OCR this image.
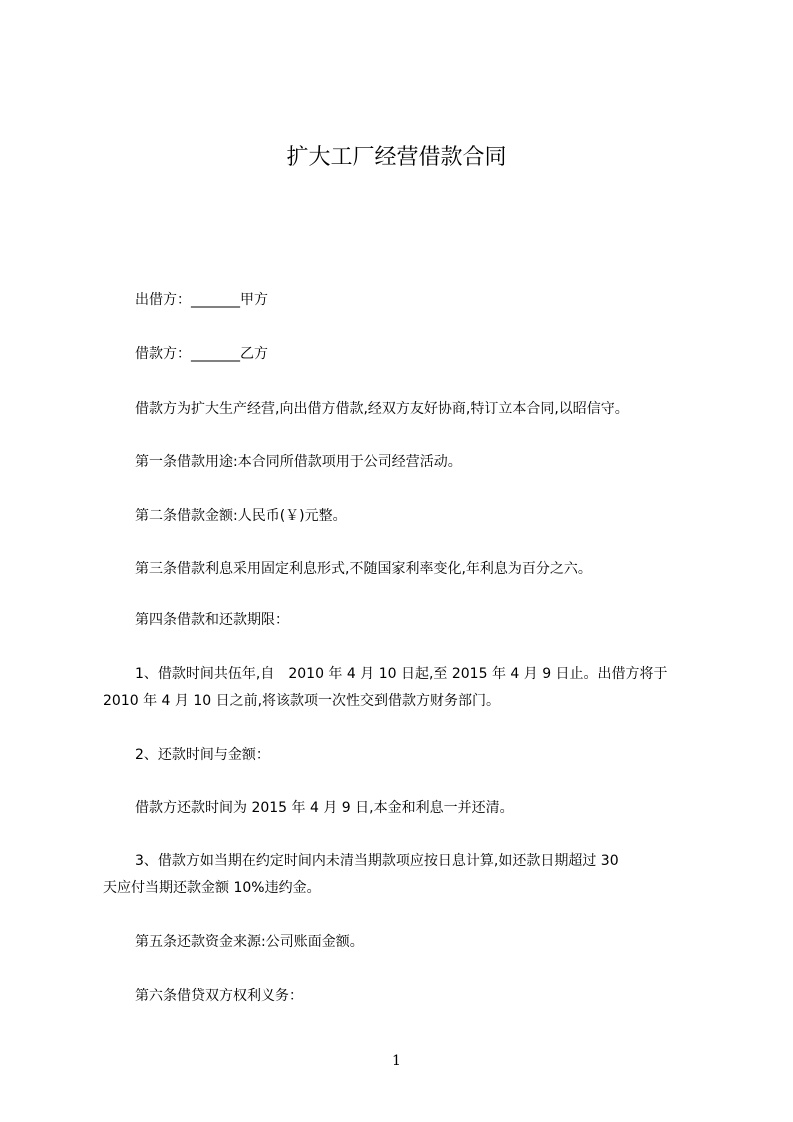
扩大工厂经营借款合同
出借方：_______甲方
借款方：_______乙方
借款方为扩大生产经营,向出借方借款,经双方友好协商,特订立本合同,以昭信守。
第一条借款用途:本合同所借款项用于公司经营活动。
第二条借款金额:人民币(￥)元整。
第三条借款利息采用固定利息形式,不随国家利率变化,年利息为百分之六。
第四条借款和还款期限：
1、借款时间共伍年,自　2010 年 4 月 10 日起,至 2015 年 4 月 9 日止。出借方将于
2010 年 4 月 10 日之前,将该款项一次性交到借款方财务部门。
2、还款时间与金额：
借款方还款时间为 2015 年 4 月 9 日,本金和利息一并还清。
3、借款方如当期在约定时间内未清当期款项应按日息计算,如还款日期超过 30
天应付当期还款金额 10%违约金。
第五条还款资金来源:公司账面金额。
第六条借贷双方权利义务：
1
